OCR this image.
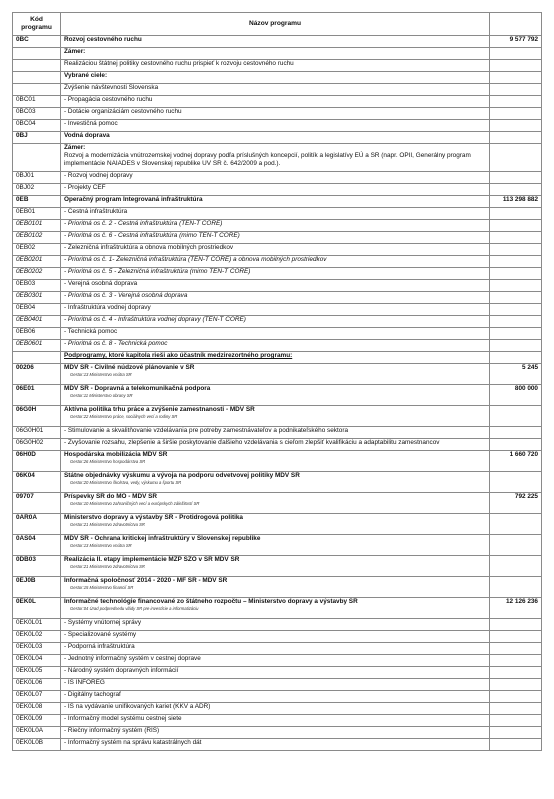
Kód programu	Názov programu	
0BC	Rozvoj cestovného ruchu	9 577 792

	Zámer:	

	Realizáciou štátnej politiky cestovného ruchu prispieť k rozvoju cestovného ruchu	

	Vybrané ciele:	

	Zvýšenie návštevnosti Slovenska	

0BC01	- Propagácia cestovného ruchu	

0BC03	- Dotácie organizáciám cestovného ruchu	

0BC04	- Investičná pomoc	

0BJ	Vodná doprava	

	Zámer:
Rozvoj a modernizácia vnútrozemskej vodnej dopravy podľa príslušných koncepcií, politík a legislatívy EÚ a SR (napr. OPII, Generálny program implementácie NAIADES v Slovenskej republike UV SR č. 642/2009 a pod.).	

0BJ01	- Rozvoj vodnej dopravy	

0BJ02	- Projekty CEF	

0EB	Operačný program Integrovaná infraštruktúra	113 298 882
0EB01	- Cestná infraštruktúra	

0EB0101	- Prioritná os č. 2 - Cestná infraštruktúra (TEN-T CORE)	

0EB0102	- Prioritná os č. 6 - Cestná infraštruktúra (mimo TEN-T CORE)	

0EB02	- Železničná infraštruktúra a obnova mobilných prostriedkov	

0EB0201	- Prioritná os č. 1- Železničná infraštruktúra (TEN-T CORE) a obnova mobilných prostriedkov	

0EB0202	- Prioritná os č. 5 - Železničná infraštruktúra (mimo TEN-T CORE)	

0EB03	- Verejná osobná doprava	

0EB0301	- Prioritná os č. 3 - Verejná osobná doprava	

0EB04	- Infraštruktúra vodnej dopravy	

0EB0401	- Prioritná os č. 4 - Infraštruktúra vodnej dopravy (TEN-T CORE)	

0EB06	- Technická pomoc	

0EB0601	- Prioritná os č. 8 - Technická pomoc	

	Podprogramy, ktoré kapitola rieši ako účastník medzirezortného programu:	

00206	MDV SR - Civilné núdzové plánovanie v SR
Gestor:13 Ministerstvo vnútra SR	5 245
06E01	MDV SR - Dopravná a telekomunikačná podpora
Gestor:11 Ministerstvo obrany SR	800 000
06G0H	Aktívna politika trhu práce a zvýšenie zamestnanosti - MDV SR
Gestor:22 Ministerstvo práce, sociálnych vecí a rodiny SR	

06G0H01	- Stimulovanie a skvalitňovanie vzdelávania pre potreby zamestnávateľov a podnikateľského sektora	

06G0H02	- Zvyšovanie rozsahu, zlepšenie a širšie poskytovanie ďalšieho vzdelávania s cieľom zlepšiť kvalifikáciu a adaptabilitu zamestnancov	

06H0D	Hospodárska mobilizácia MDV SR
Gestor:26 Ministerstvo hospodárstva SR	1 660 720
06K04	Štátne objednávky výskumu a vývoja na podporu odvetvovej politiky MDV SR
Gestor:20 Ministerstvo školstva, vedy, výskumu a športu SR	

09707	Príspevky SR do MO - MDV SR
Gestor:10 Ministerstvo zahraničných vecí a európskych záležitostí SR	792 225
0AR0A	Ministerstvo dopravy a výstavby SR - Protidrogová politika
Gestor:21 Ministerstvo zdravotníctva SR	

0AS04	MDV SR - Ochrana kritickej infraštruktúry v Slovenskej republike
Gestor:13 Ministerstvo vnútra SR	

0DB03	Realizácia II. etapy implementácie MZP SZO v SR MDV SR
Gestor:21 Ministerstvo zdravotníctva SR	

0EJ0B	Informačná spoločnosť 2014 - 2020 - MF SR - MDV SR
Gestor:15 Ministerstvo financií SR	

0EK0L	Informačné technológie financované zo štátneho rozpočtu – Ministerstvo dopravy a výstavby SR
Gestor:04 Úrad podpredsedu vlády SR pre investície a informatizáciu	12 126 236
0EK0L01	- Systémy vnútornej správy	

0EK0L02	- Špecializované systémy	

0EK0L03	- Podporná infraštruktúra	

0EK0L04	- Jednotný informačný systém v cestnej doprave	

0EK0L05	- Národný systém dopravných informácií	

0EK0L06	- IS INFOREG	

0EK0L07	- Digitálny tachograf	

0EK0L08	- IS na vydávanie unifikovaných kariet (KKV a ADR)	

0EK0L09	- Informačný model systému cestnej siete	

0EK0L0A	- Riečny informačný systém (RIS)	

0EK0L0B	- Informačný systém na správu katastrálnych dát	
